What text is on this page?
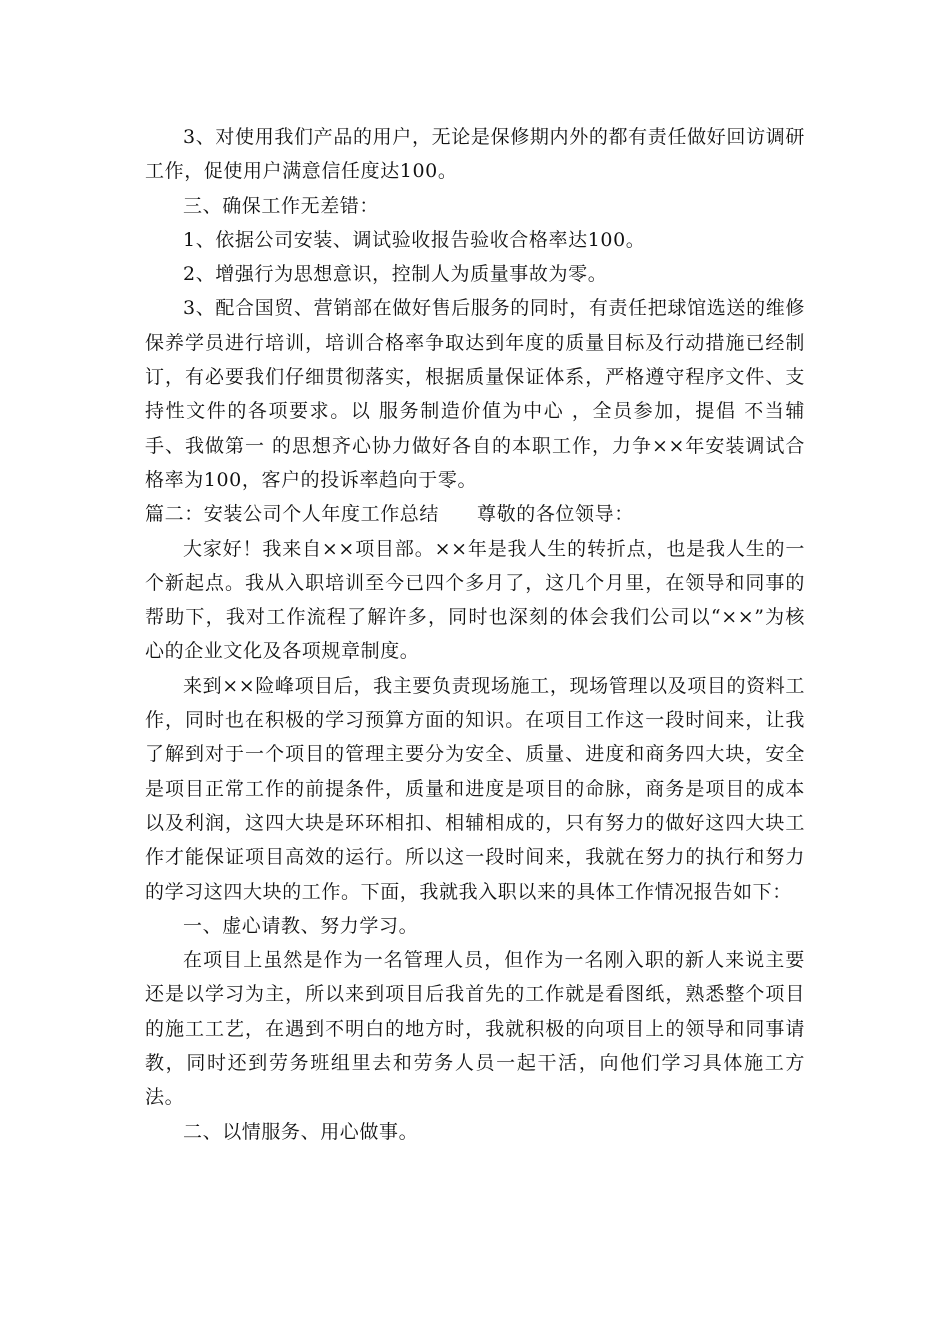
3、对使用我们产品的用户，无论是保修期内外的都有责任做好回访调研工作，促使用户满意信任度达100。

三、确保工作无差错：

1、依据公司安装、调试验收报告验收合格率达100。

2、增强行为思想意识，控制人为质量事故为零。

3、配合国贸、营销部在做好售后服务的同时，有责任把球馆选送的维修保养学员进行培训，培训合格率争取达到年度的质量目标及行动措施已经制订，有必要我们仔细贯彻落实，根据质量保证体系，严格遵守程序文件、支持性文件的各项要求。以 服务制造价值为中心 ，全员参加，提倡 不当辅手、我做第一 的思想齐心协力做好各自的本职工作，力争××年安装调试合格率为100，客户的投诉率趋向于零。

篇二：安装公司个人年度工作总结 尊敬的各位领导：

大家好！我来自××项目部。××年是我人生的转折点，也是我人生的一个新起点。我从入职培训至今已四个多月了，这几个月里，在领导和同事的帮助下，我对工作流程了解许多，同时也深刻的体会我们公司以“××”为核心的企业文化及各项规章制度。

来到××险峰项目后，我主要负责现场施工，现场管理以及项目的资料工作，同时也在积极的学习预算方面的知识。在项目工作这一段时间来，让我了解到对于一个项目的管理主要分为安全、质量、进度和商务四大块，安全是项目正常工作的前提条件，质量和进度是项目的命脉，商务是项目的成本以及利润，这四大块是环环相扣、相辅相成的，只有努力的做好这四大块工作才能保证项目高效的运行。所以这一段时间来，我就在努力的执行和努力的学习这四大块的工作。下面，我就我入职以来的具体工作情况报告如下：

一、虚心请教、努力学习。

在项目上虽然是作为一名管理人员，但作为一名刚入职的新人来说主要还是以学习为主，所以来到项目后我首先的工作就是看图纸，熟悉整个项目的施工工艺，在遇到不明白的地方时，我就积极的向项目上的领导和同事请教，同时还到劳务班组里去和劳务人员一起干活，向他们学习具体施工方法。

二、以情服务、用心做事。
